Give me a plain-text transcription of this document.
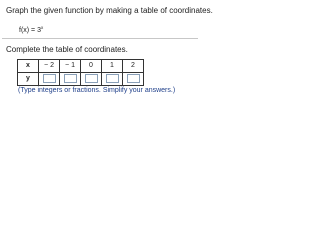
Graph the given function by making a table of coordinates.
$f(x) = 3^x$
Complete the table of coordinates.
x	− 2	− 1	0	1	2
y					
(Type integers or fractions. Simplify your answers.)
